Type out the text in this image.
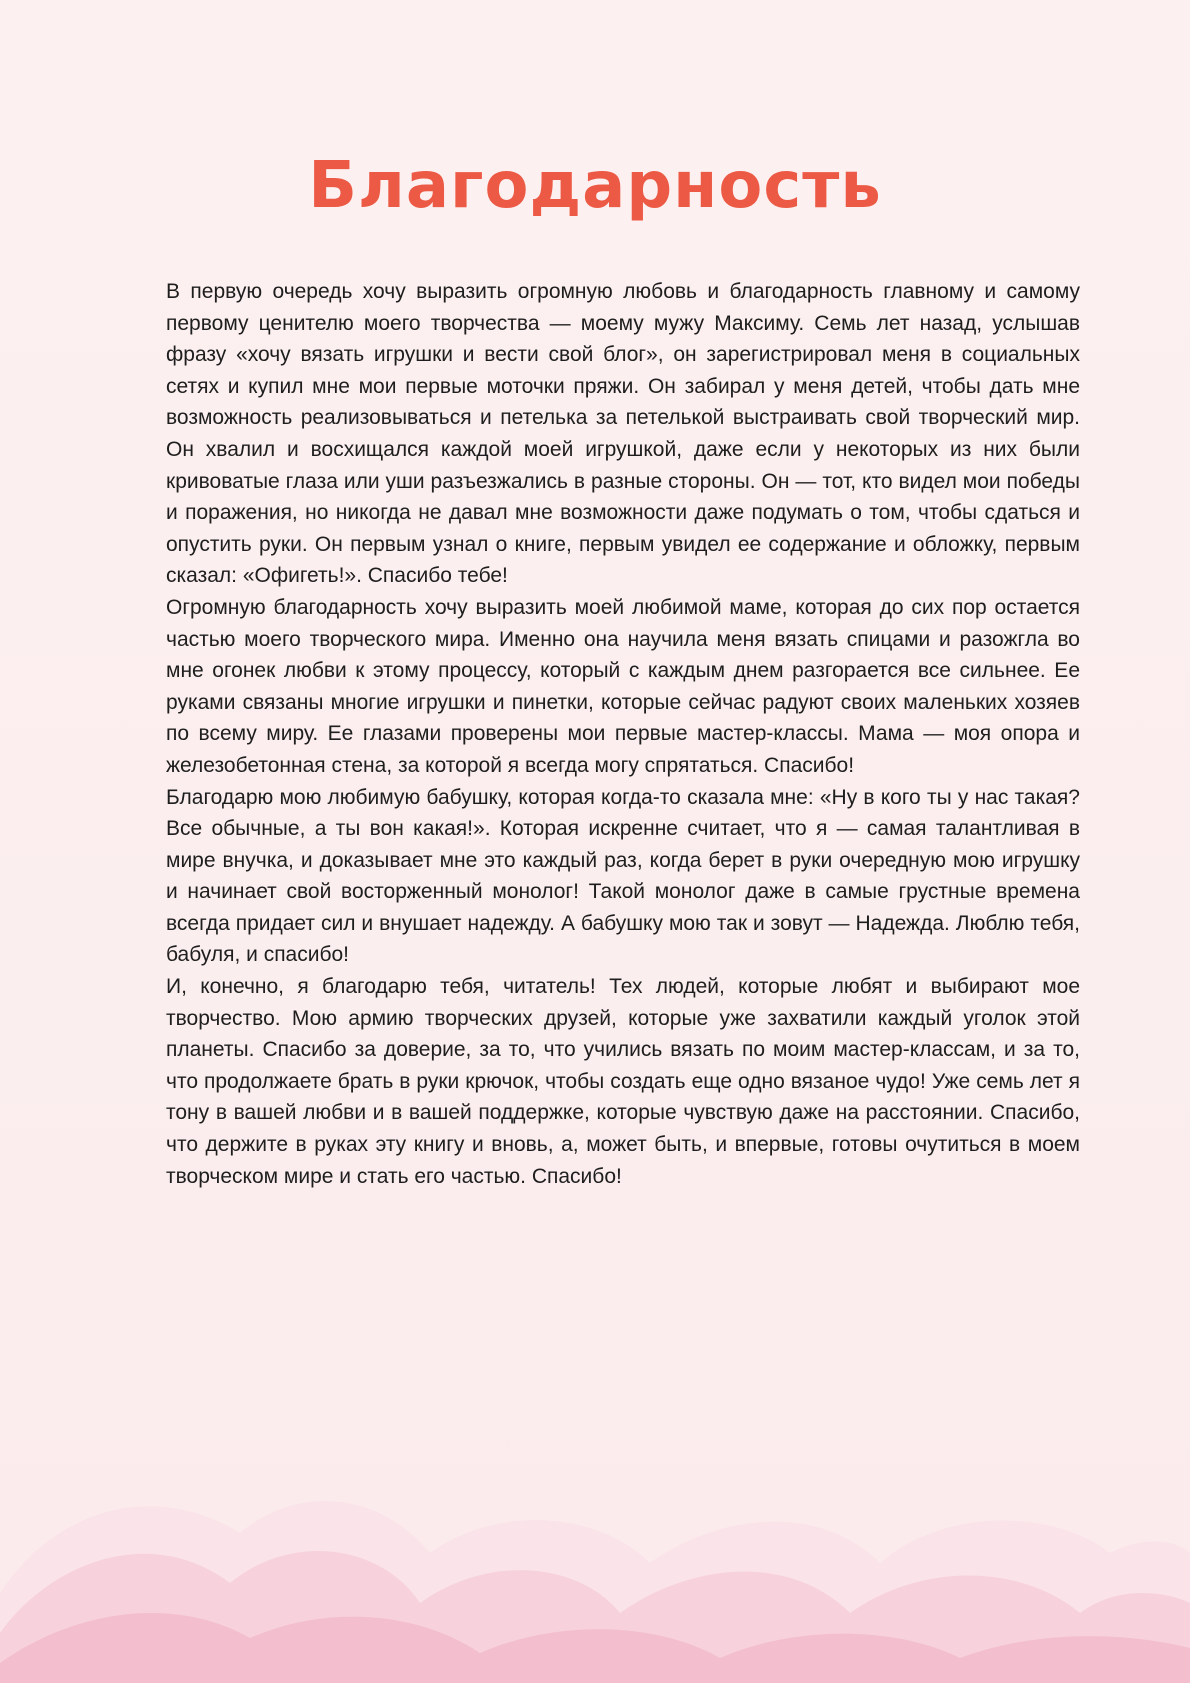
Благодарность

В первую очередь хочу выразить огромную любовь и благодарность главному и самому первому ценителю моего творчества — моему мужу Максиму. Семь лет назад, услышав фразу «хочу вязать игрушки и вести свой блог», он зарегистрировал меня в социальных сетях и купил мне мои первые моточки пряжи. Он забирал у меня детей, чтобы дать мне возможность реализовываться и петелька за петелькой выстраивать свой творческий мир. Он хвалил и восхищался каждой моей игрушкой, даже если у некоторых из них были кривоватые глаза или уши разъезжались в разные стороны. Он — тот, кто видел мои победы и поражения, но никогда не давал мне возможности даже подумать о том, чтобы сдаться и опустить руки. Он первым узнал о книге, первым увидел ее содержание и обложку, первым сказал: «Офигеть!». Спасибо тебе!

Огромную благодарность хочу выразить моей любимой маме, которая до сих пор остается частью моего творческого мира. Именно она научила меня вязать спицами и разожгла во мне огонек любви к этому процессу, который с каждым днем разгорается все сильнее. Ее руками связаны многие игрушки и пинетки, которые сейчас радуют своих маленьких хозяев по всему миру. Ее глазами проверены мои первые мастер-классы. Мама — моя опора и железобетонная стена, за которой я всегда могу спрятаться. Спасибо!

Благодарю мою любимую бабушку, которая когда-то сказала мне: «Ну в кого ты у нас такая? Все обычные, а ты вон какая!». Которая искренне считает, что я — самая талантливая в мире внучка, и доказывает мне это каждый раз, когда берет в руки очередную мою игрушку и начинает свой восторженный монолог! Такой монолог даже в самые грустные времена всегда придает сил и внушает надежду. А бабушку мою так и зовут — Надежда. Люблю тебя, бабуля, и спасибо!

И, конечно, я благодарю тебя, читатель! Тех людей, которые любят и выбирают мое творчество. Мою армию творческих друзей, которые уже захватили каждый уголок этой планеты. Спасибо за доверие, за то, что учились вязать по моим мастер-классам, и за то, что продолжаете брать в руки крючок, чтобы создать еще одно вязаное чудо! Уже семь лет я тону в вашей любви и в вашей поддержке, которые чувствую даже на расстоянии. Спасибо, что держите в руках эту книгу и вновь, а, может быть, и впервые, готовы очутиться в моем творческом мире и стать его частью. Спасибо!
